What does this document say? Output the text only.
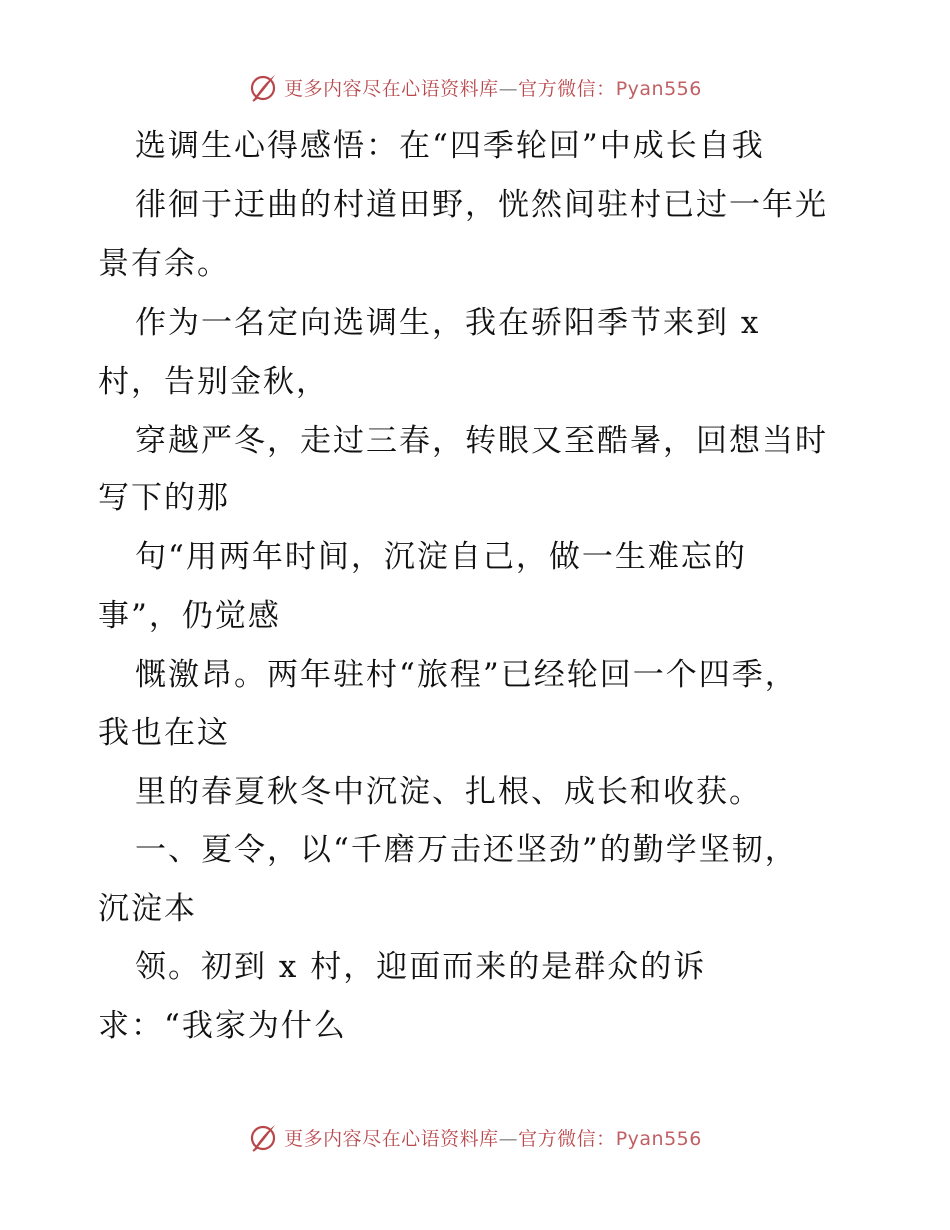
更多内容尽在心语资料库—官方微信：Pyan556
选调生心得感悟：在“四季轮回”中成长自我
徘徊于迂曲的村道田野，恍然间驻村已过一年光
景有余。
作为一名定向选调生，我在骄阳季节来到 x
村，告别金秋，
穿越严冬，走过三春，转眼又至酷暑，回想当时
写下的那
句“用两年时间，沉淀自己，做一生难忘的
事”，仍觉感
慨激昂。两年驻村“旅程”已经轮回一个四季，
我也在这
里的春夏秋冬中沉淀、扎根、成长和收获。
一、夏令，以“千磨万击还坚劲”的勤学坚韧，
沉淀本
领。初到 x 村，迎面而来的是群众的诉
求：“我家为什么
更多内容尽在心语资料库—官方微信：Pyan556
